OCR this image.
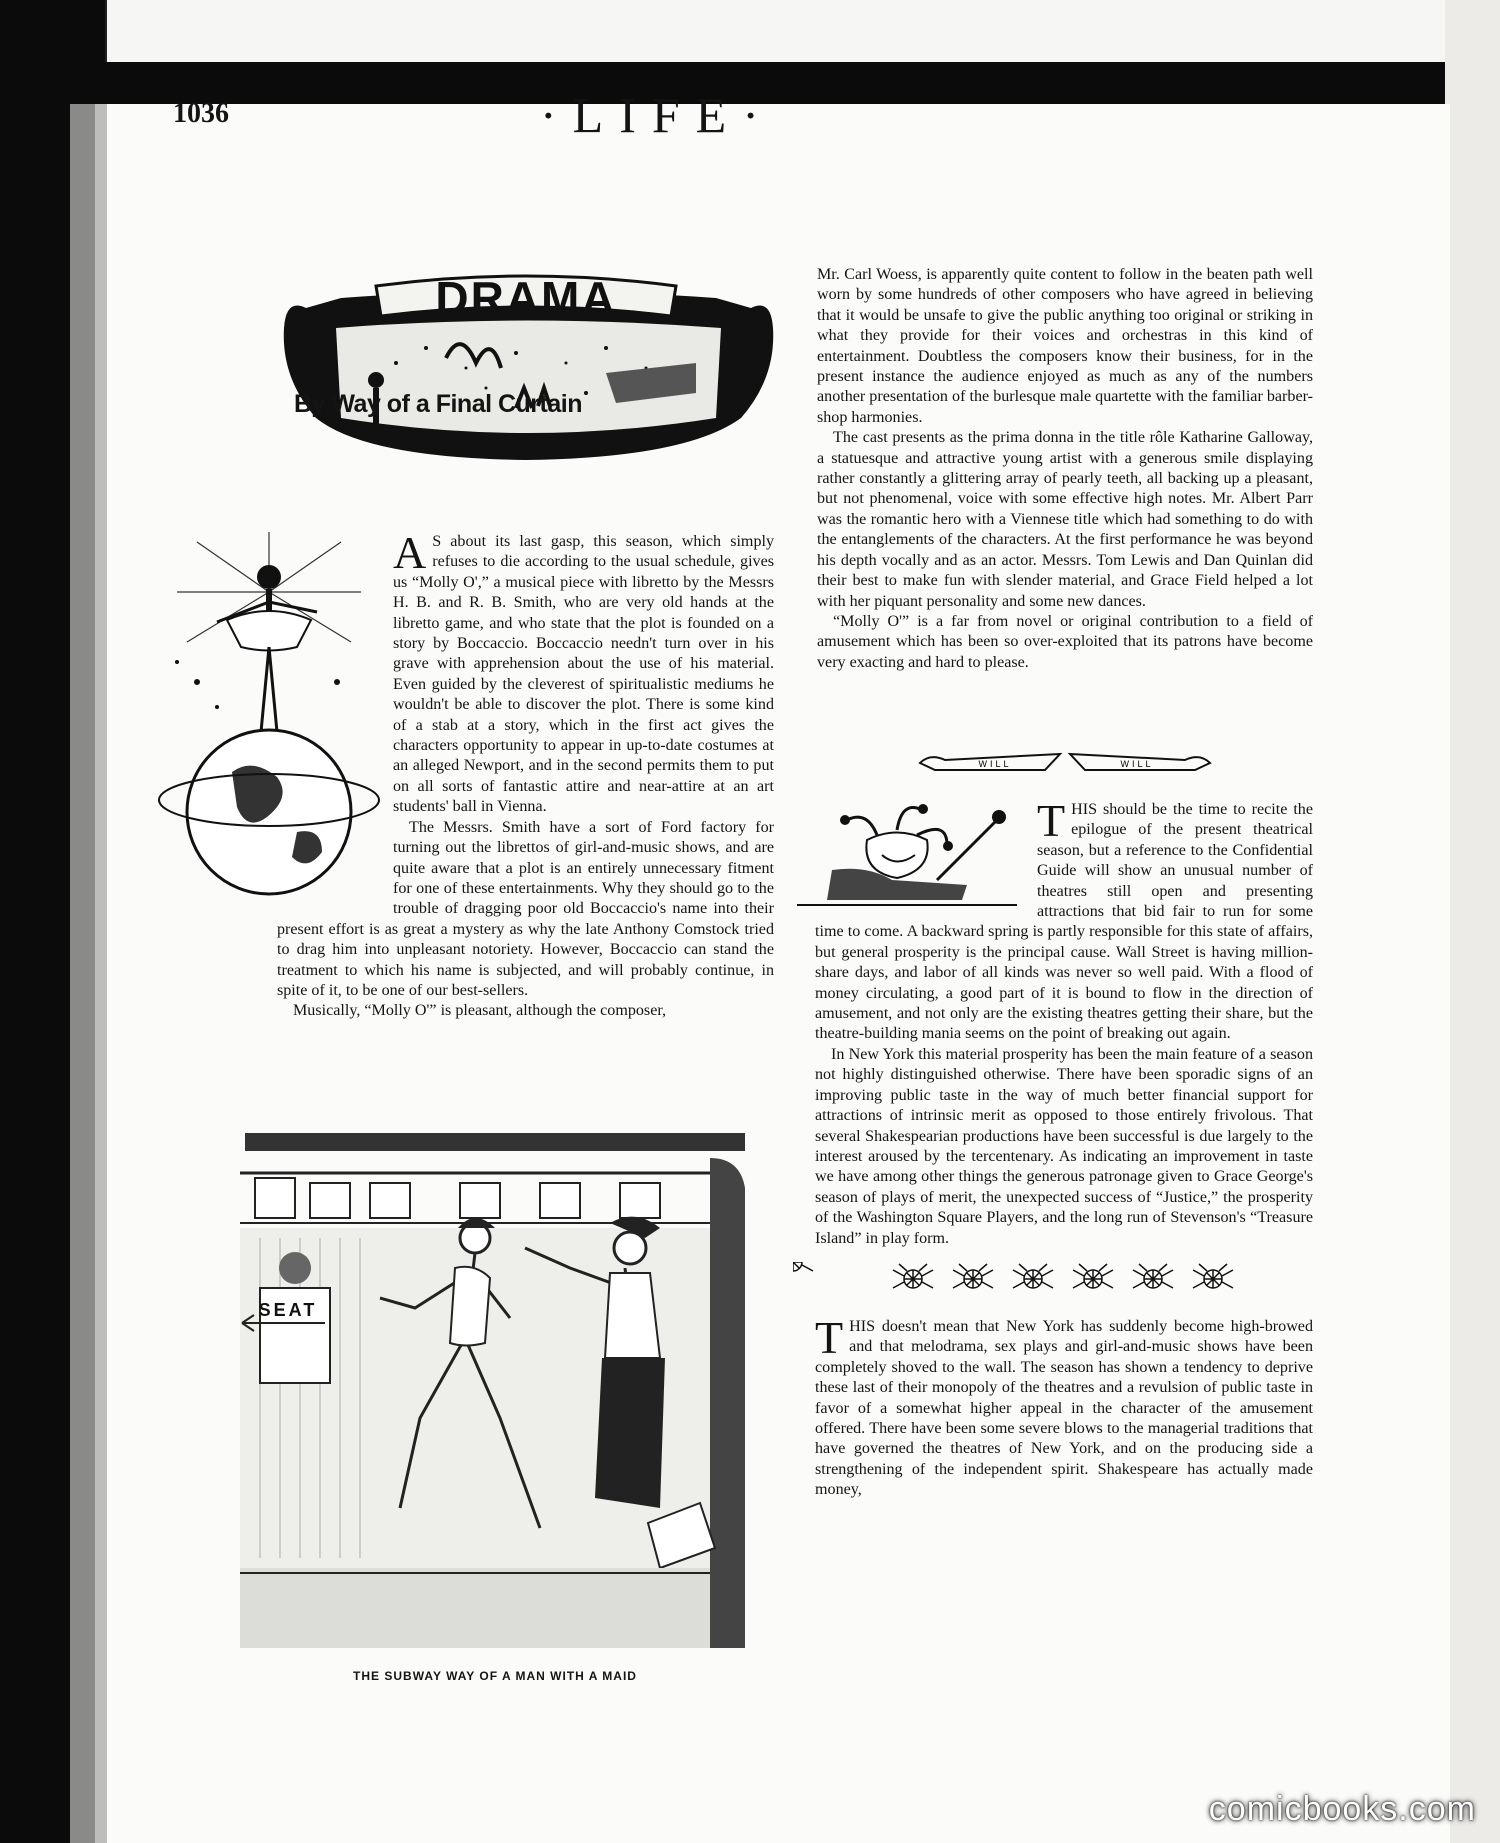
1036	·LIFE·
DRAMA
By Way of a Final Curtain

A S about its last gasp, this season, which simply refuses to die according to the usual schedule, gives us “Molly O',” a musical piece with libretto by the Messrs H. B. and R. B. Smith, who are very old hands at the libretto game, and who state that the plot is founded on a story by Boccaccio. Boccaccio needn't turn over in his grave with apprehension about the use of his material. Even guided by the cleverest of spiritualistic mediums he wouldn't be able to discover the plot. There is some kind of a stab at a story, which in the first act gives the characters opportunity to appear in up-to-date costumes at an alleged Newport, and in the second permits them to put on all sorts of fantastic attire and near-attire at an art students' ball in Vienna.

The Messrs. Smith have a sort of Ford factory for turning out the librettos of girl-and-music shows, and are quite aware that a plot is an entirely unnecessary fitment for one of these entertainments. Why they should go to the trouble of dragging poor old Boccaccio's name into their present effort is as great a mystery as why the late Anthony Comstock tried to drag him into unpleasant notoriety. However, Boccaccio can stand the treatment to which his name is subjected, and will probably continue, in spite of it, to be one of our best-sellers.

Musically, “Molly O'” is pleasant, although the composer,

SEAT
THE SUBWAY WAY OF A MAN WITH A MAID

Mr. Carl Woess, is apparently quite content to follow in the beaten path well worn by some hundreds of other composers who have agreed in believing that it would be unsafe to give the public anything too original or striking in what they provide for their voices and orchestras in this kind of entertainment. Doubtless the composers know their business, for in the present instance the audience enjoyed as much as any of the numbers another presentation of the burlesque male quartette with the familiar barber-shop harmonies.

The cast presents as the prima donna in the title rôle Katharine Galloway, a statuesque and attractive young artist with a generous smile displaying rather constantly a glittering array of pearly teeth, all backing up a pleasant, but not phenomenal, voice with some effective high notes. Mr. Albert Parr was the romantic hero with a Viennese title which had something to do with the entanglements of the characters. At the first performance he was beyond his depth vocally and as an actor. Messrs. Tom Lewis and Dan Quinlan did their best to make fun with slender material, and Grace Field helped a lot with her piquant personality and some new dances.

“Molly O'” is a far from novel or original contribution to a field of amusement which has been so over-exploited that its patrons have become very exacting and hard to please.

WILL	WILL

THIS should be the time to recite the epilogue of the present theatrical season, but a reference to the Confidential Guide will show an unusual number of theatres still open and presenting attractions that bid fair to run for some time to come. A backward spring is partly responsible for this state of affairs, but general prosperity is the principal cause. Wall Street is having million-share days, and labor of all kinds was never so well paid. With a flood of money circulating, a good part of it is bound to flow in the direction of amusement, and not only are the existing theatres getting their share, but the theatre-building mania seems on the point of breaking out again.

In New York this material prosperity has been the main feature of a season not highly distinguished otherwise. There have been sporadic signs of an improving public taste in the way of much better financial support for attractions of intrinsic merit as opposed to those entirely frivolous. That several Shakespearian productions have been successful is due largely to the interest aroused by the tercentenary. As indicating an improvement in taste we have among other things the generous patronage given to Grace George's season of plays of merit, the unexpected success of “Justice,” the prosperity of the Washington Square Players, and the long run of Stevenson's “Treasure Island” in play form.

THIS doesn't mean that New York has suddenly become high-browed and that melodrama, sex plays and girl-and-music shows have been completely shoved to the wall. The season has shown a tendency to deprive these last of their monopoly of the theatres and a revulsion of public taste in favor of a somewhat higher appeal in the character of the amusement offered. There have been some severe blows to the managerial traditions that have governed the theatres of New York, and on the producing side a strengthening of the independent spirit. Shakespeare has actually made money,

comicbooks.com
